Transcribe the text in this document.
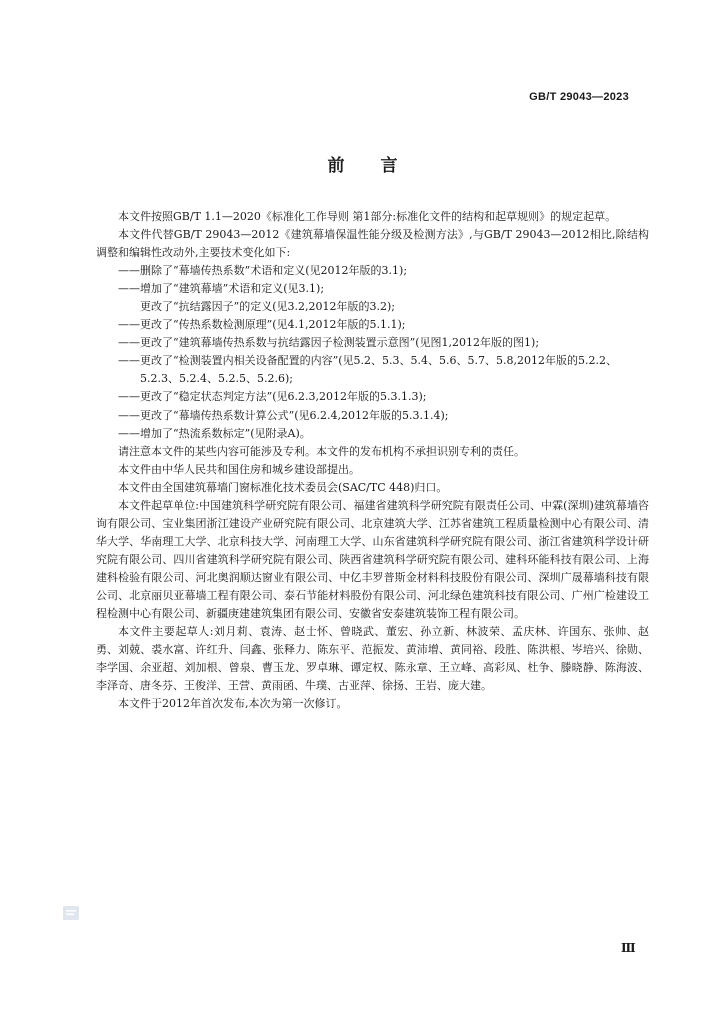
GB/T 29043—2023
前言

本文件按照GB/T 1.1—2020《标准化工作导则 第1部分:标准化文件的结构和起草规则》的规定起草。

本文件代替GB/T 29043—2012《建筑幕墙保温性能分级及检测方法》,与GB/T 29043—2012相比,除结构调整和编辑性改动外,主要技术变化如下:

——删除了“幕墙传热系数”术语和定义(见2012年版的3.1);

——增加了“建筑幕墙”术语和定义(见3.1);

更改了“抗结露因子”的定义(见3.2,2012年版的3.2);

——更改了“传热系数检测原理”(见4.1,2012年版的5.1.1);

——更改了“建筑幕墙传热系数与抗结露因子检测装置示意图”(见图1,2012年版的图1);

——更改了“检测装置内相关设备配置的内容”(见5.2、5.3、5.4、5.6、5.7、5.8,2012年版的5.2.2、

5.2.3、5.2.4、5.2.5、5.2.6);

——更改了“稳定状态判定方法”(见6.2.3,2012年版的5.3.1.3);

——更改了“幕墙传热系数计算公式”(见6.2.4,2012年版的5.3.1.4);

——增加了“热流系数标定”(见附录A)。

请注意本文件的某些内容可能涉及专利。本文件的发布机构不承担识别专利的责任。

本文件由中华人民共和国住房和城乡建设部提出。

本文件由全国建筑幕墙门窗标准化技术委员会(SAC/TC 448)归口。

本文件起草单位:中国建筑科学研究院有限公司、福建省建筑科学研究院有限责任公司、中霖(深圳)建筑幕墙咨询有限公司、宝业集团浙江建设产业研究院有限公司、北京建筑大学、江苏省建筑工程质量检测中心有限公司、清华大学、华南理工大学、北京科技大学、河南理工大学、山东省建筑科学研究院有限公司、浙江省建筑科学设计研究院有限公司、四川省建筑科学研究院有限公司、陕西省建筑科学研究院有限公司、建科环能科技有限公司、上海建科检验有限公司、河北奥润顺达窗业有限公司、中亿丰罗普斯金材料科技股份有限公司、深圳广晟幕墙科技有限公司、北京丽贝亚幕墙工程有限公司、泰石节能材料股份有限公司、河北绿色建筑科技有限公司、广州广检建设工程检测中心有限公司、新疆庚建建筑集团有限公司、安徽省安泰建筑装饰工程有限公司。

本文件主要起草人:刘月莉、袁涛、赵士怀、曾晓武、董宏、孙立新、林波荣、孟庆林、许国东、张帅、赵勇、刘兢、裘水富、许红升、闫鑫、张释力、陈东平、范振发、黄沛增、黄同裕、段胜、陈洪根、岑培兴、徐勋、李学国、余亚超、刘加根、曾泉、曹玉龙、罗卓琳、谭定权、陈永章、王立峰、高彩凤、杜争、滕晓静、陈海波、李泽奇、唐冬芬、王俊洋、王营、黄雨函、牛璞、古亚萍、徐扬、王岩、庞大建。

本文件于2012年首次发布,本次为第一次修订。

Ⅲ
